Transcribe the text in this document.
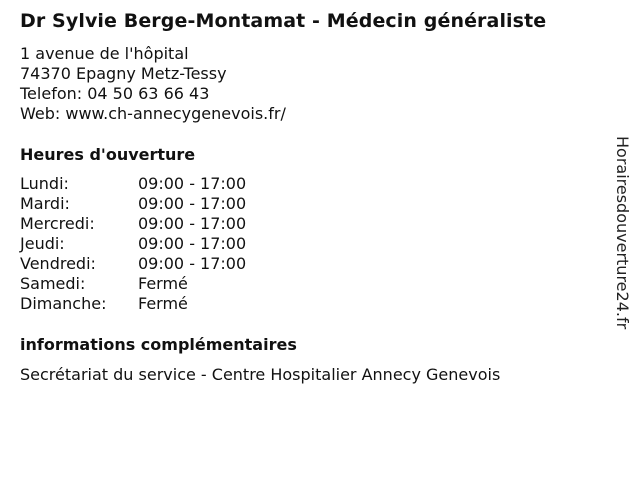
Dr Sylvie Berge-Montamat - Médecin généraliste
1 avenue de l'hôpital
74370 Epagny Metz-Tessy
Telefon: 04 50 63 66 43
Web: www.ch-annecygenevois.fr/
Heures d'ouverture
Lundi:	09:00 - 17:00
Mardi:	09:00 - 17:00
Mercredi:	09:00 - 17:00
Jeudi:	09:00 - 17:00
Vendredi:	09:00 - 17:00
Samedi:	Fermé
Dimanche: Fermé
informations complémentaires
Secrétariat du service - Centre Hospitalier Annecy Genevois
Horairesdouverture24.fr
